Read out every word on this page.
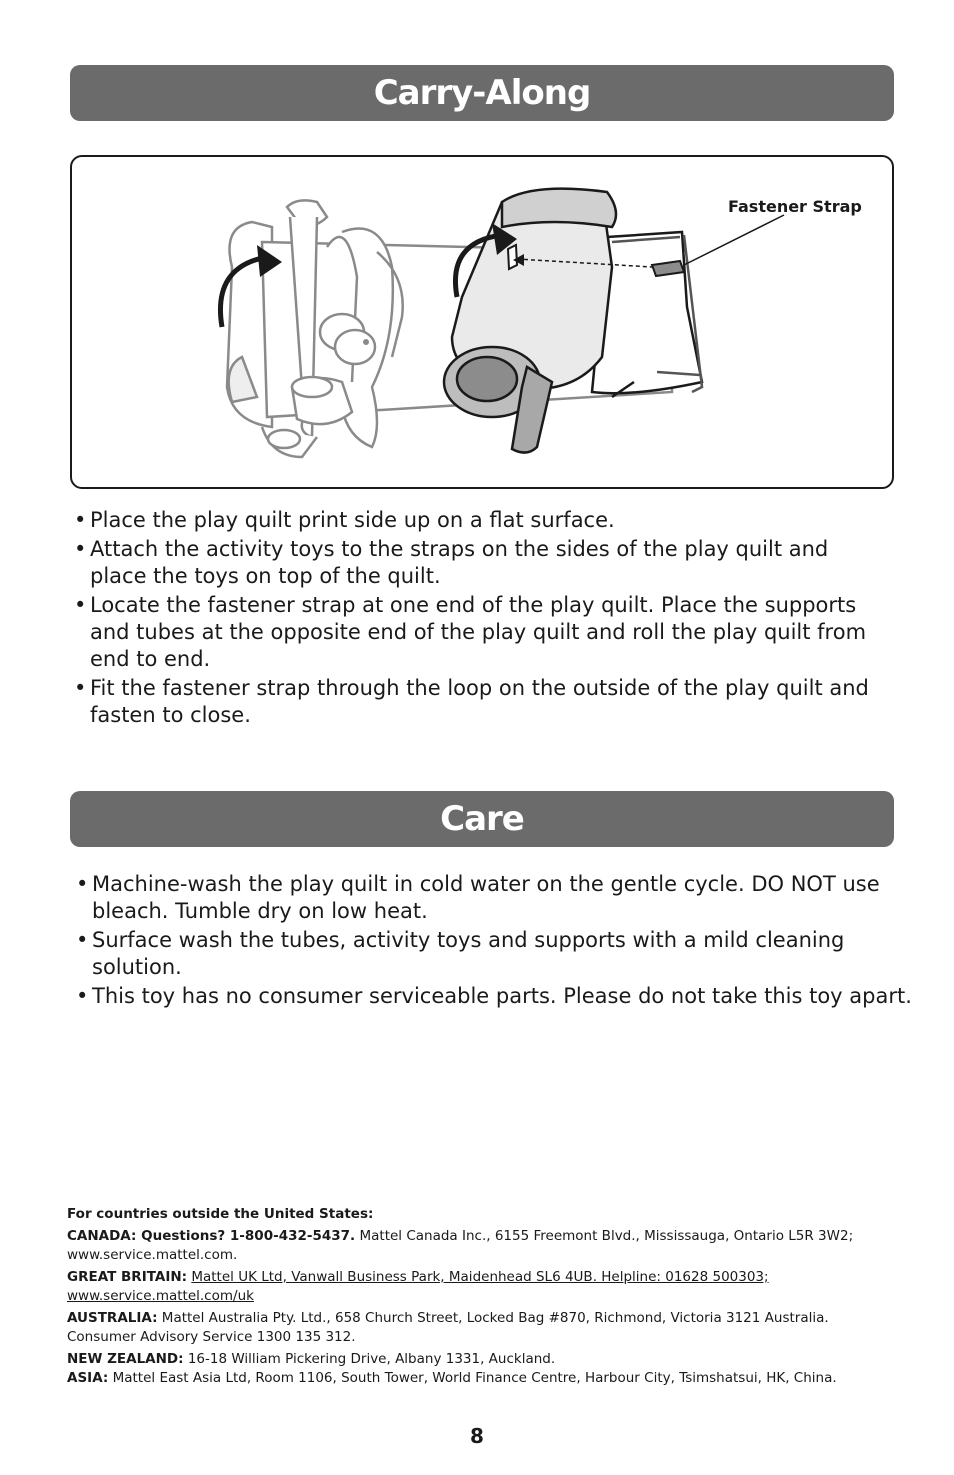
Carry-Along
Fastener Strap
• Place the play quilt print side up on a flat surface.
• Attach the activity toys to the straps on the sides of the play quilt and place the toys on top of the quilt.
• Locate the fastener strap at one end of the play quilt. Place the supports and tubes at the opposite end of the play quilt and roll the play quilt from end to end.
• Fit the fastener strap through the loop on the outside of the play quilt and fasten to close.
Care
• Machine-wash the play quilt in cold water on the gentle cycle. DO NOT use bleach. Tumble dry on low heat.
• Surface wash the tubes, activity toys and supports with a mild cleaning solution.
• This toy has no consumer serviceable parts. Please do not take this toy apart.

For countries outside the United States:

CANADA: Questions? 1-800-432-5437. Mattel Canada Inc., 6155 Freemont Blvd., Mississauga, Ontario L5R 3W2; www.service.mattel.com.

GREAT BRITAIN: Mattel UK Ltd, Vanwall Business Park, Maidenhead SL6 4UB. Helpline: 01628 500303; www.service.mattel.com/uk

AUSTRALIA: Mattel Australia Pty. Ltd., 658 Church Street, Locked Bag #870, Richmond, Victoria 3121 Australia. Consumer Advisory Service 1300 135 312.

NEW ZEALAND: 16-18 William Pickering Drive, Albany 1331, Auckland.

ASIA: Mattel East Asia Ltd, Room 1106, South Tower, World Finance Centre, Harbour City, Tsimshatsui, HK, China.

8
